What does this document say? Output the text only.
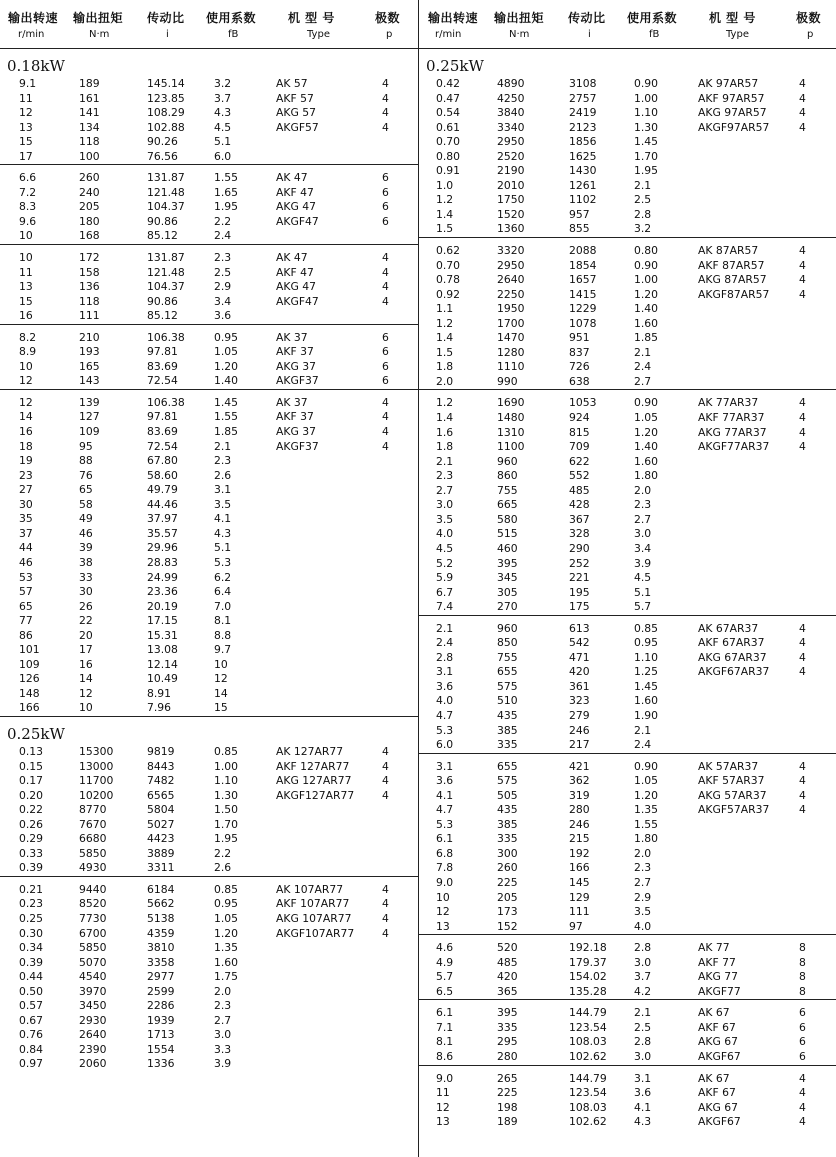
输出转速
r/min
输出扭矩
N·m
传动比
i
使用系数
fB
机 型 号
Type
极数
p
0.18kW
9.1	189	145.14	3.2	AK 57	4
11	161	123.85	3.7	AKF 57	4
12	141	108.29	4.3	AKG 57	4
13	134	102.88	4.5	AKGF57	4
15	118	90.26	5.1
17	100	76.56	6.0
6.6	260	131.87	1.55	AK 47	6
7.2	240	121.48	1.65	AKF 47	6
8.3	205	104.37	1.95	AKG 47	6
9.6	180	90.86	2.2	AKGF47	6
10	168	85.12	2.4
10	172	131.87	2.3	AK 47	4
11	158	121.48	2.5	AKF 47	4
13	136	104.37	2.9	AKG 47	4
15	118	90.86	3.4	AKGF47	4
16	111	85.12	3.6
8.2	210	106.38	0.95	AK 37	6
8.9	193	97.81	1.05	AKF 37	6
10	165	83.69	1.20	AKG 37	6
12	143	72.54	1.40	AKGF37	6
12	139	106.38	1.45	AK 37	4
14	127	97.81	1.55	AKF 37	4
16	109	83.69	1.85	AKG 37	4
18	95	72.54	2.1	AKGF37	4
19	88	67.80	2.3
23	76	58.60	2.6
27	65	49.79	3.1
30	58	44.46	3.5
35	49	37.97	4.1
37	46	35.57	4.3
44	39	29.96	5.1
46	38	28.83	5.3
53	33	24.99	6.2
57	30	23.36	6.4
65	26	20.19	7.0
77	22	17.15	8.1
86	20	15.31	8.8
101	17	13.08	9.7
109	16	12.14	10
126	14	10.49	12
148	12	8.91	14
166	10	7.96	15
0.25kW
0.13	15300	9819	0.85	AK 127AR77	4
0.15	13000	8443	1.00	AKF 127AR77	4
0.17	11700	7482	1.10	AKG 127AR77	4
0.20	10200	6565	1.30	AKGF127AR77	4
0.22	8770	5804	1.50
0.26	7670	5027	1.70
0.29	6680	4423	1.95
0.33	5850	3889	2.2
0.39	4930	3311	2.6
0.21	9440	6184	0.85	AK 107AR77	4
0.23	8520	5662	0.95	AKF 107AR77	4
0.25	7730	5138	1.05	AKG 107AR77	4
0.30	6700	4359	1.20	AKGF107AR77	4
0.34	5850	3810	1.35
0.39	5070	3358	1.60
0.44	4540	2977	1.75
0.50	3970	2599	2.0
0.57	3450	2286	2.3
0.67	2930	1939	2.7
0.76	2640	1713	3.0
0.84	2390	1554	3.3
0.97	2060	1336	3.9
输出转速
r/min
输出扭矩
N·m
传动比
i
使用系数
fB
机 型 号
Type
极数
p
0.25kW
0.42	4890	3108	0.90	AK 97AR57	4
0.47	4250	2757	1.00	AKF 97AR57	4
0.54	3840	2419	1.10	AKG 97AR57	4
0.61	3340	2123	1.30	AKGF97AR57	4
0.70	2950	1856	1.45
0.80	2520	1625	1.70
0.91	2190	1430	1.95
1.0	2010	1261	2.1
1.2	1750	1102	2.5
1.4	1520	957	2.8
1.5	1360	855	3.2
0.62	3320	2088	0.80	AK 87AR57	4
0.70	2950	1854	0.90	AKF 87AR57	4
0.78	2640	1657	1.00	AKG 87AR57	4
0.92	2250	1415	1.20	AKGF87AR57	4
1.1	1950	1229	1.40
1.2	1700	1078	1.60
1.4	1470	951	1.85
1.5	1280	837	2.1
1.8	1110	726	2.4
2.0	990	638	2.7
1.2	1690	1053	0.90	AK 77AR37	4
1.4	1480	924	1.05	AKF 77AR37	4
1.6	1310	815	1.20	AKG 77AR37	4
1.8	1100	709	1.40	AKGF77AR37	4
2.1	960	622	1.60
2.3	860	552	1.80
2.7	755	485	2.0
3.0	665	428	2.3
3.5	580	367	2.7
4.0	515	328	3.0
4.5	460	290	3.4
5.2	395	252	3.9
5.9	345	221	4.5
6.7	305	195	5.1
7.4	270	175	5.7
2.1	960	613	0.85	AK 67AR37	4
2.4	850	542	0.95	AKF 67AR37	4
2.8	755	471	1.10	AKG 67AR37	4
3.1	655	420	1.25	AKGF67AR37	4
3.6	575	361	1.45
4.0	510	323	1.60
4.7	435	279	1.90
5.3	385	246	2.1
6.0	335	217	2.4
3.1	655	421	0.90	AK 57AR37	4
3.6	575	362	1.05	AKF 57AR37	4
4.1	505	319	1.20	AKG 57AR37	4
4.7	435	280	1.35	AKGF57AR37	4
5.3	385	246	1.55
6.1	335	215	1.80
6.8	300	192	2.0
7.8	260	166	2.3
9.0	225	145	2.7
10	205	129	2.9
12	173	111	3.5
13	152	97	4.0
4.6	520	192.18	2.8	AK 77	8
4.9	485	179.37	3.0	AKF 77	8
5.7	420	154.02	3.7	AKG 77	8
6.5	365	135.28	4.2	AKGF77	8
6.1	395	144.79	2.1	AK 67	6
7.1	335	123.54	2.5	AKF 67	6
8.1	295	108.03	2.8	AKG 67	6
8.6	280	102.62	3.0	AKGF67	6
9.0	265	144.79	3.1	AK 67	4
11	225	123.54	3.6	AKF 67	4
12	198	108.03	4.1	AKG 67	4
13	189	102.62	4.3	AKGF67	4
